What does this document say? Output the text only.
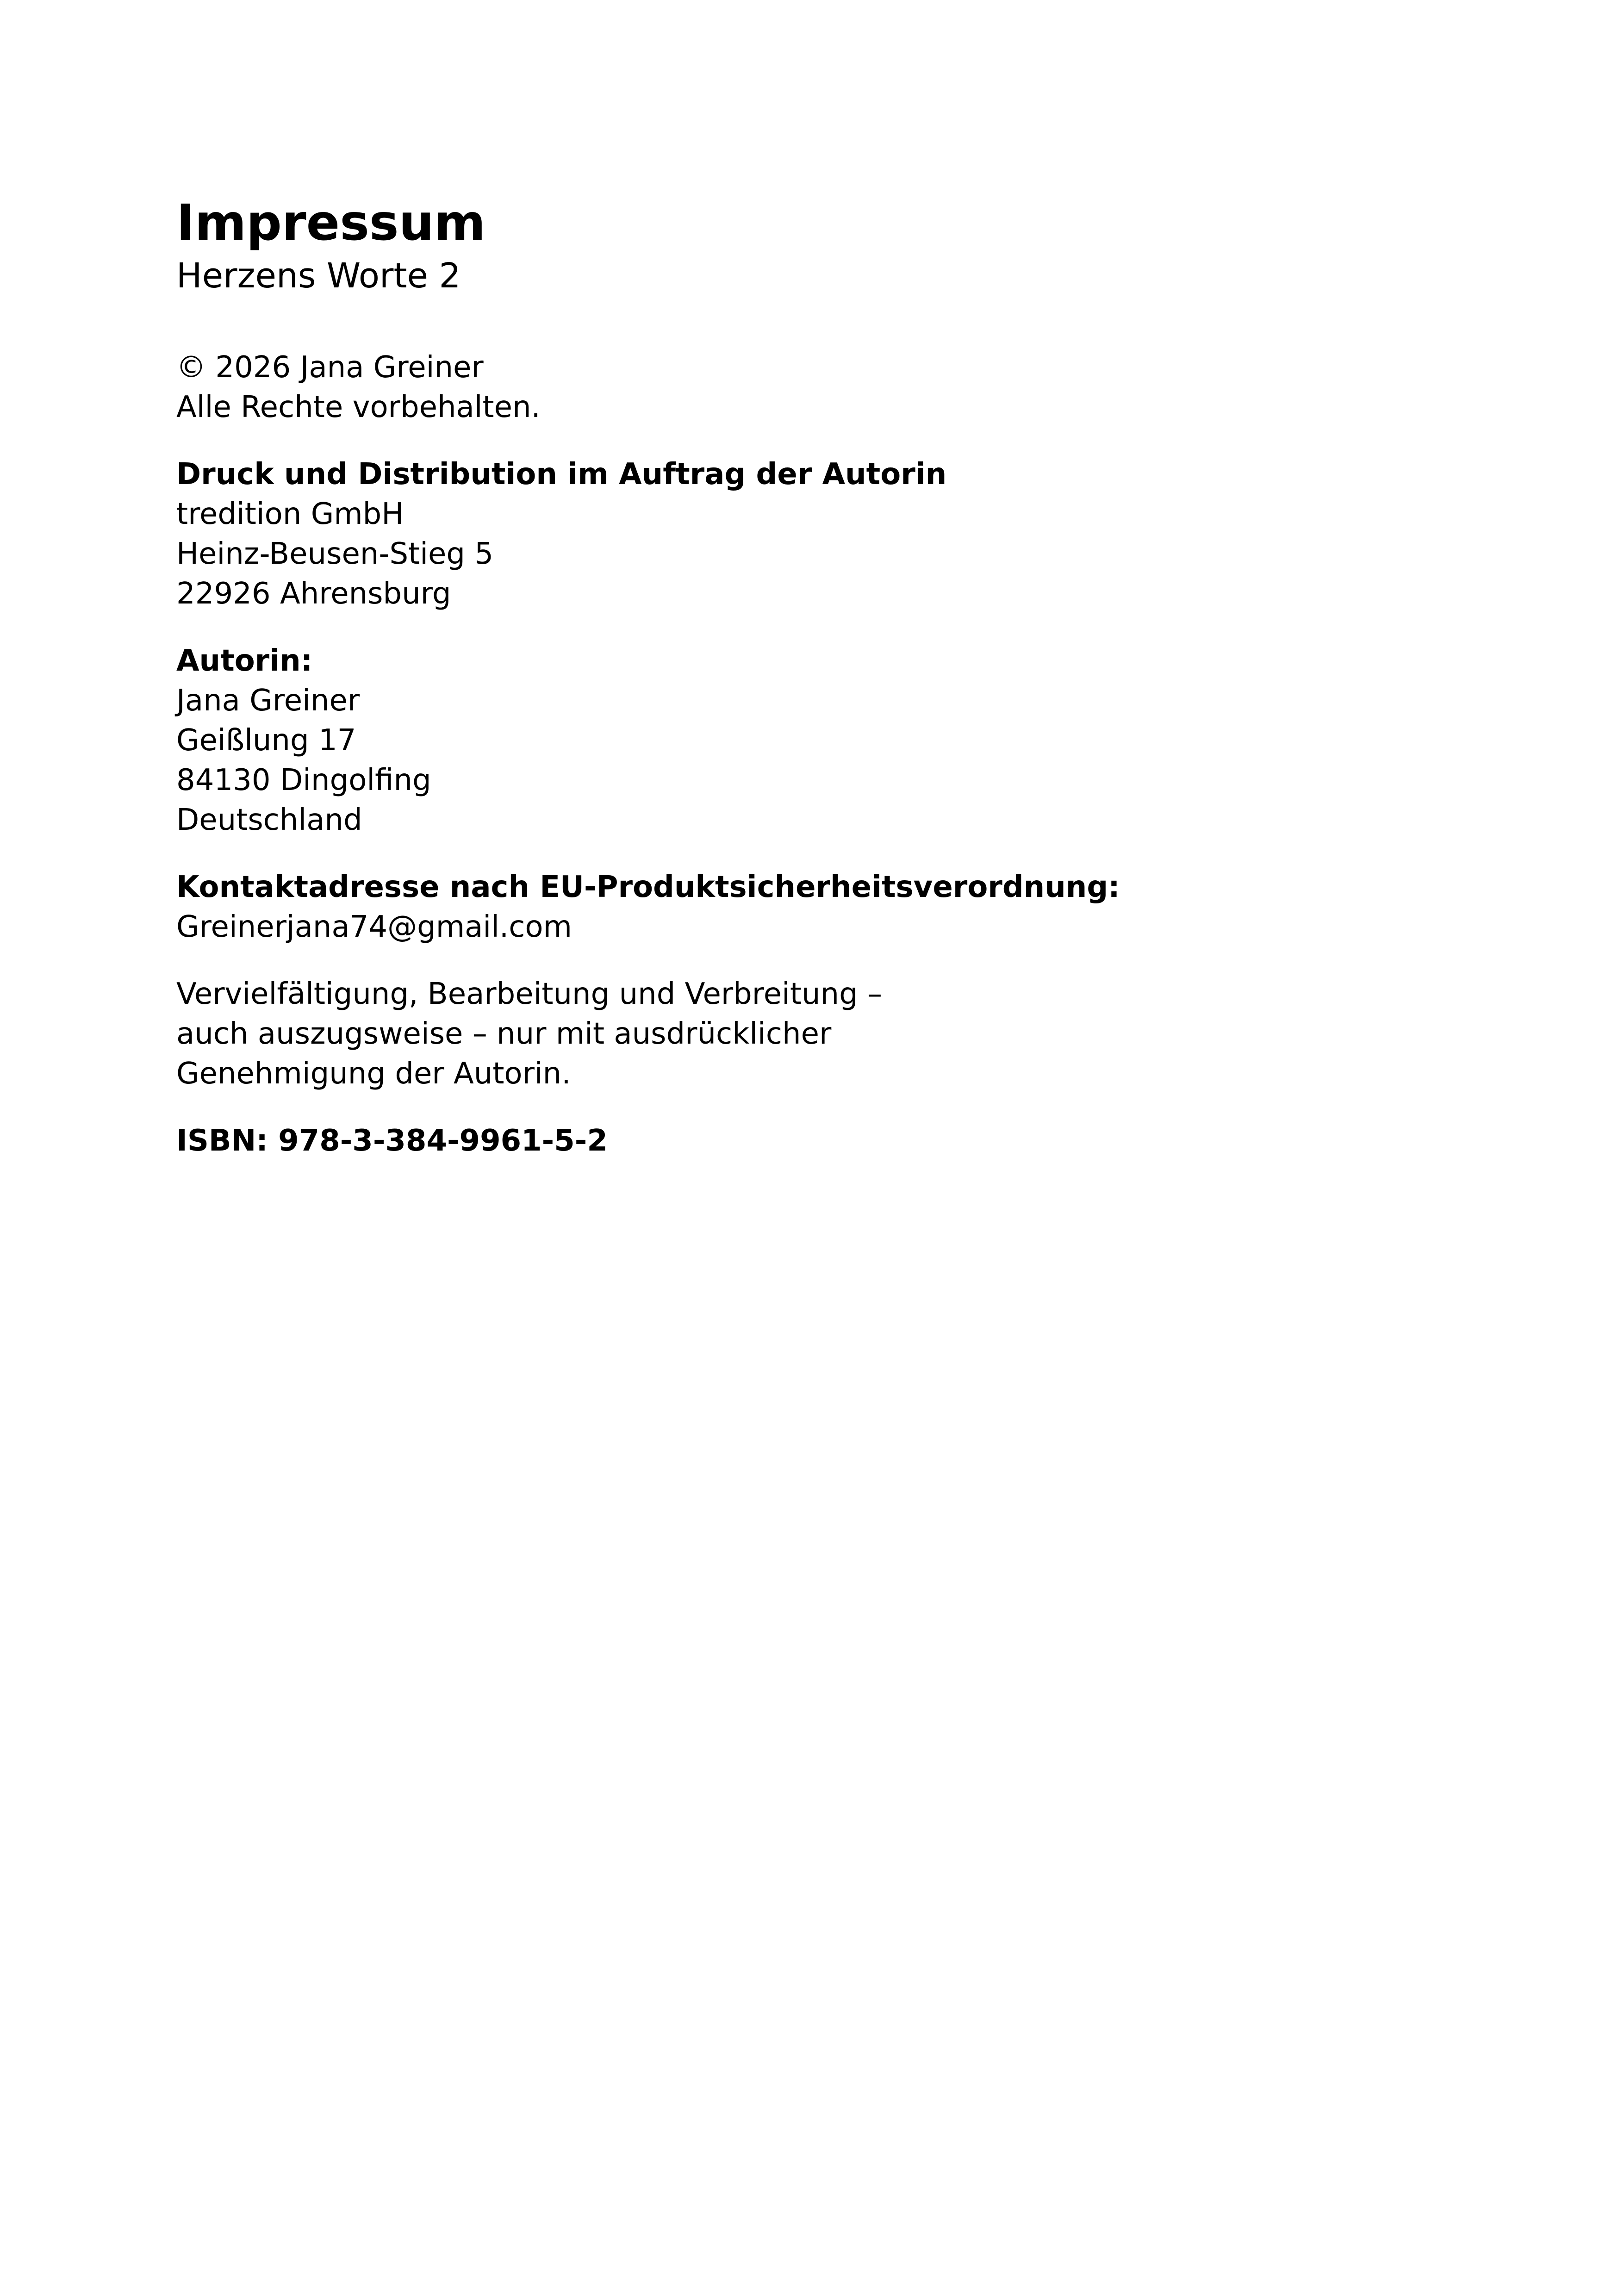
Impressum
Herzens Worte 2
© 2026 Jana Greiner
Alle Rechte vorbehalten.
Druck und Distribution im Auftrag der Autorin
tredition GmbH
Heinz-Beusen-Stieg 5
22926 Ahrensburg
Autorin:
Jana Greiner
Geißlung 17
84130 Dingolfing
Deutschland
Kontaktadresse nach EU-Produktsicherheitsverordnung:
Greinerjana74@gmail.com
Vervielfältigung, Bearbeitung und Verbreitung –
auch auszugsweise – nur mit ausdrücklicher
Genehmigung der Autorin.
ISBN: 978-3-384-9961-5-2
